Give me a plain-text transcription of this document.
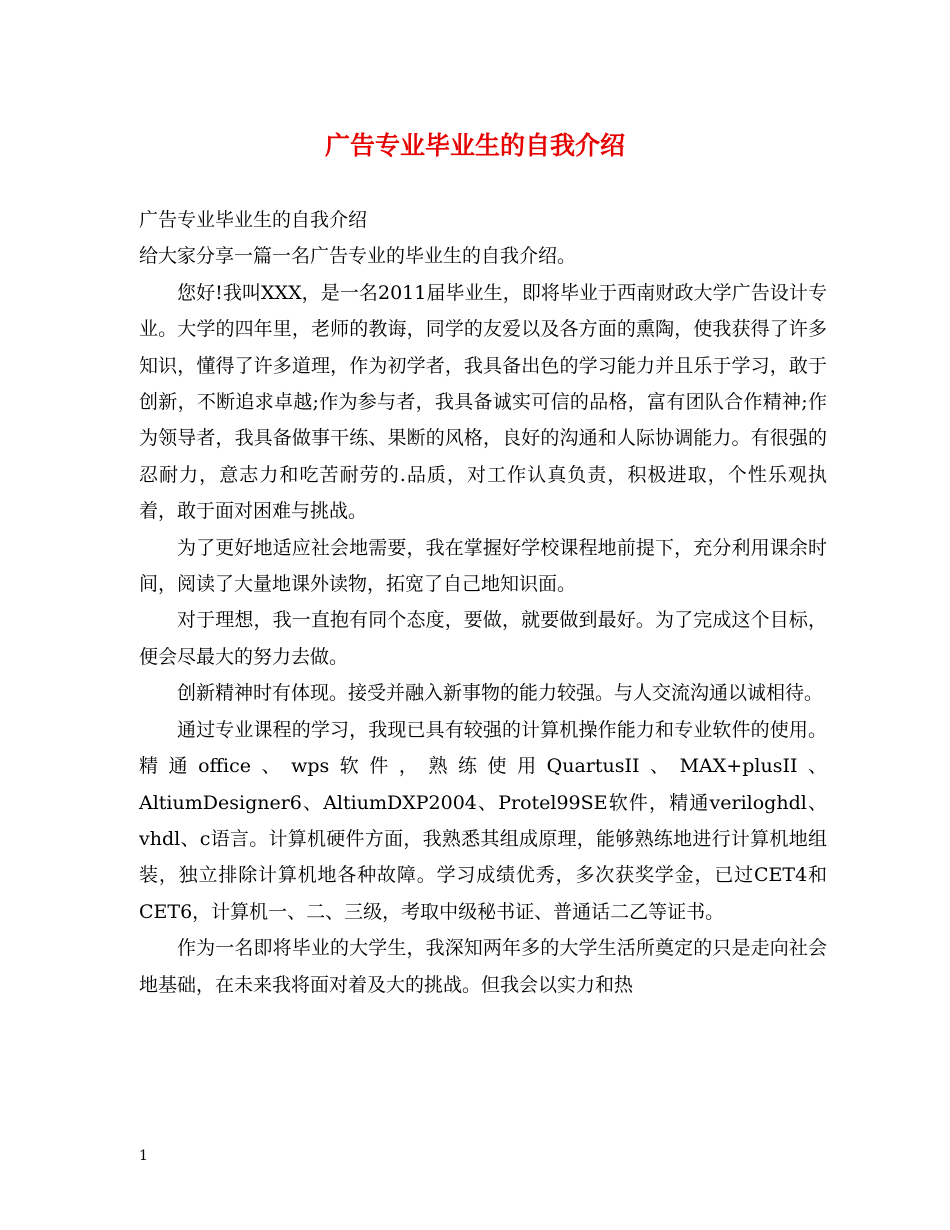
广告专业毕业生的自我介绍

广告专业毕业生的自我介绍

给大家分享一篇一名广告专业的毕业生的自我介绍。

您好!我叫XXX，是一名2011届毕业生，即将毕业于西南财政大学广告设计专业。大学的四年里，老师的教诲，同学的友爱以及各方面的熏陶，使我获得了许多知识，懂得了许多道理，作为初学者，我具备出色的学习能力并且乐于学习，敢于创新，不断追求卓越;作为参与者，我具备诚实可信的品格，富有团队合作精神;作为领导者，我具备做事干练、果断的风格，良好的沟通和人际协调能力。有很强的忍耐力，意志力和吃苦耐劳的.品质，对工作认真负责，积极进取，个性乐观执着，敢于面对困难与挑战。

为了更好地适应社会地需要，我在掌握好学校课程地前提下，充分利用课余时间，阅读了大量地课外读物，拓宽了自己地知识面。

对于理想，我一直抱有同个态度，要做，就要做到最好。为了完成这个目标，便会尽最大的努力去做。

创新精神时有体现。接受并融入新事物的能力较强。与人交流沟通以诚相待。

通过专业课程的学习，我现已具有较强的计算机操作能力和专业软件的使用。精通office、wps软件，熟练使用QuartusII、MAX+plusII、AltiumDesigner6、AltiumDXP2004、Protel99SE软件，精通veriloghdl、vhdl、c语言。计算机硬件方面，我熟悉其组成原理，能够熟练地进行计算机地组装，独立排除计算机地各种故障。学习成绩优秀，多次获奖学金，已过CET4和CET6，计算机一、二、三级，考取中级秘书证、普通话二乙等证书。

作为一名即将毕业的大学生，我深知两年多的大学生活所奠定的只是走向社会地基础，在未来我将面对着及大的挑战。但我会以实力和热

1
